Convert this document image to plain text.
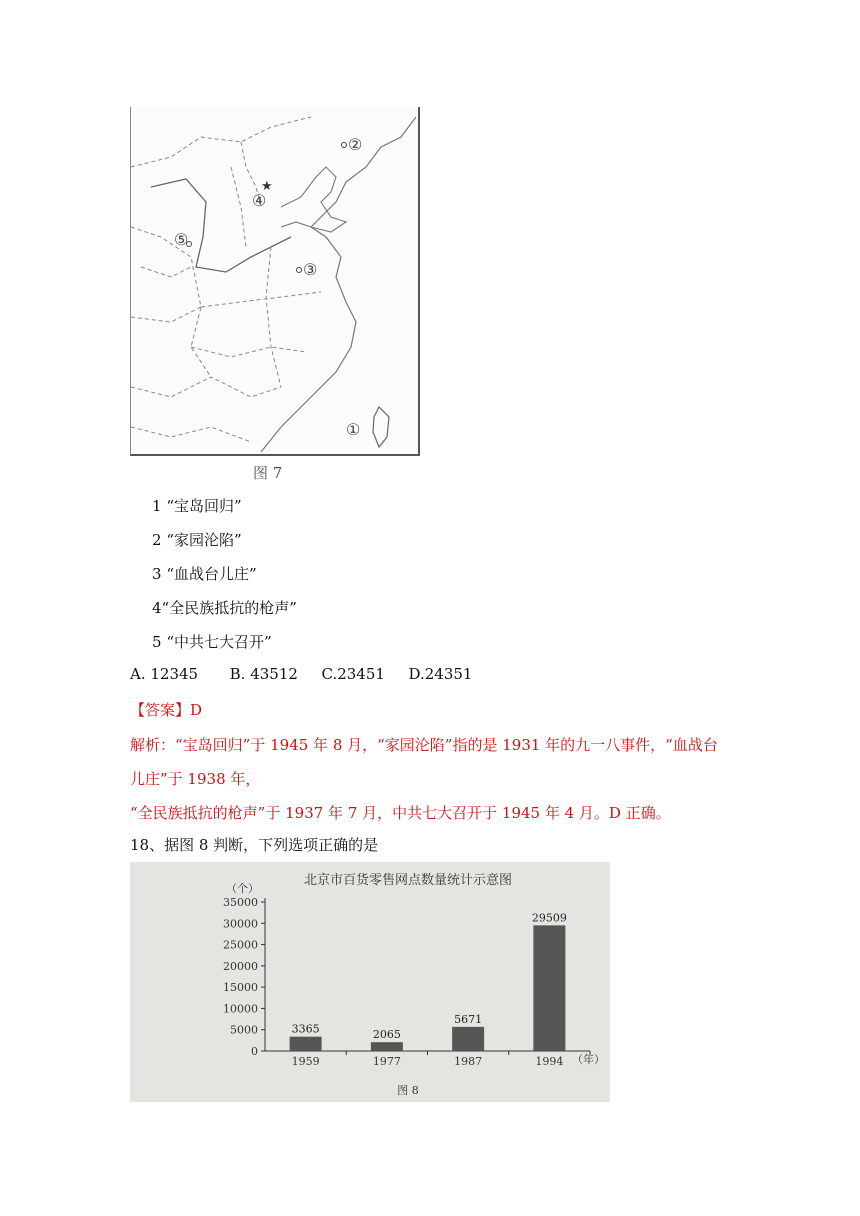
★
②
④
⑤
③
①
图 7
1 “宝岛回归”
2 “家园沦陷”
3 “血战台儿庄”
4“全民族抵抗的枪声”
5 “中共七大召开”
A. 12345 B. 43512 C.23451 D.24351
【答案】D
解析：“宝岛回归”于 1945 年 8 月，“家园沦陷”指的是 1931 年的九一八事件，“血战台
儿庄”于 1938 年，
“全民族抵抗的枪声”于 1937 年 7 月，中共七大召开于 1945 年 4 月。D 正确。
18、据图 8 判断，下列选项正确的是
北京市百货零售网点数量统计示意图
（个）
（年）
图 8
0
5000
10000
15000
20000
25000
30000
35000
3365
1959
2065
1977
5671
1987
29509
1994
